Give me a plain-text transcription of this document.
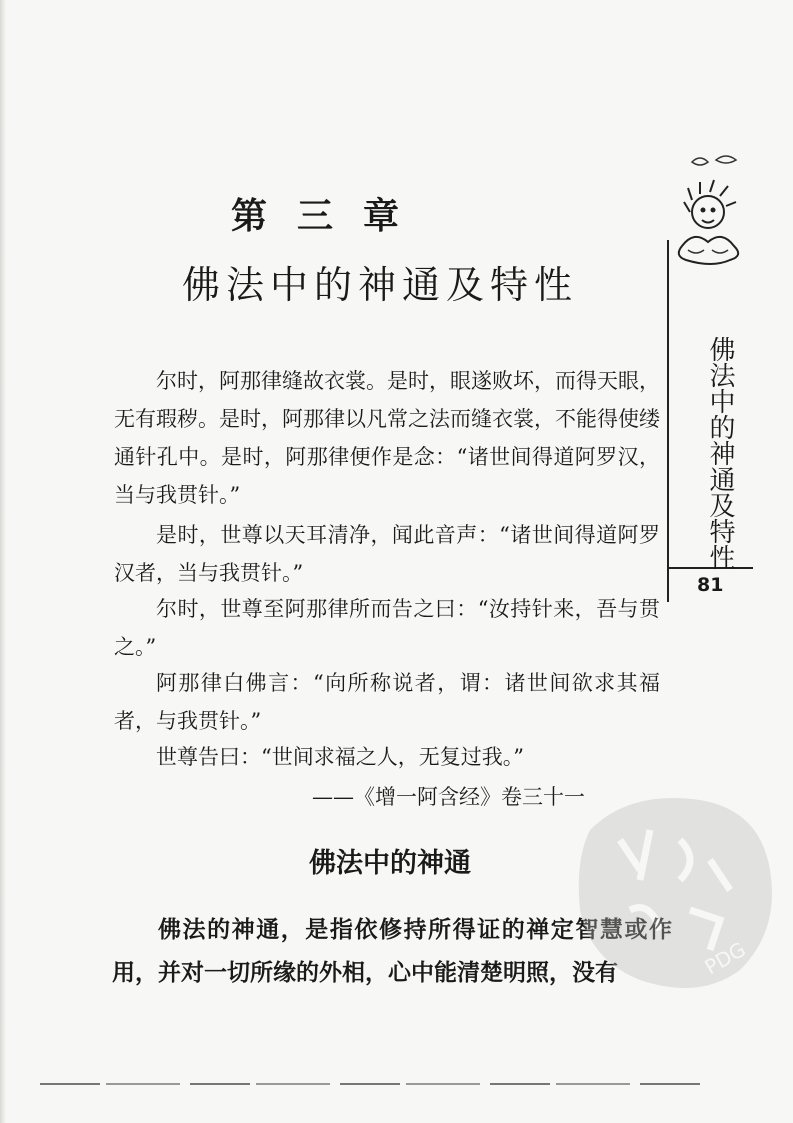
第三章
佛法中的神通及特性
佛法中的神通及特性
81

尔时，阿那律缝故衣裳。是时，眼遂败坏，而得天眼，无有瑕秽。是时，阿那律以凡常之法而缝衣裳，不能得使缕通针孔中。是时，阿那律便作是念：“诸世间得道阿罗汉，当与我贯针。”

是时，世尊以天耳清净，闻此音声：“诸世间得道阿罗汉者，当与我贯针。”

尔时，世尊至阿那律所而告之曰：“汝持针来，吾与贯之。”

阿那律白佛言：“向所称说者，谓：诸世间欲求其福者，与我贯针。”

世尊告曰：“世间求福之人，无复过我。”

——《增一阿含经》卷三十一
佛法中的神通

佛法的神通，是指依修持所得证的禅定智慧或作用，并对一切所缘的外相，心中能清楚明照，没有	PDG
